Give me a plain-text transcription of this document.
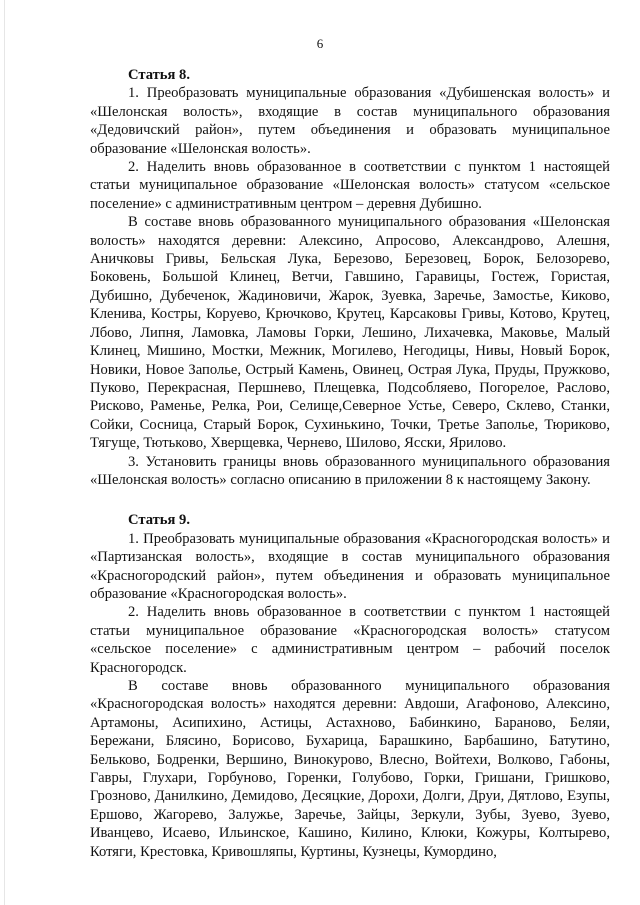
6
Статья 8.

1. Преобразовать муниципальные образования «Дубишенская волость» и «Шелонская волость», входящие в состав муниципального образования «Дедовичский район», путем объединения и образовать муниципальное образование «Шелонская волость».

2. Наделить вновь образованное в соответствии с пунктом 1 настоящей статьи муниципальное образование «Шелонская волость» статусом «сельское поселение» с административным центром – деревня Дубишно.

В составе вновь образованного муниципального образования «Шелонская волость» находятся деревни: Алексино, Апросово, Александрово, Алешня, Аничковы Гривы, Бельская Лука, Березово, Березовец, Борок, Белозорево, Боковень, Большой Клинец, Ветчи, Гавшино, Гаравицы, Гостеж, Гористая, Дубишно, Дубеченок, Жадиновичи, Жарок, Зуевка, Заречье, Замостье, Киково, Кленива, Костры, Коруево, Крючково, Крутец, Карсаковы Гривы, Котово, Крутец, Лбово, Липня, Ламовка, Ламовы Горки, Лешино, Лихачевка, Маковье, Малый Клинец, Мишино, Мостки, Межник, Могилево, Негодицы, Нивы, Новый Борок, Новики, Новое Заполье, Острый Камень, Овинец, Острая Лука, Пруды, Пружково, Пуково, Перекрасная, Першнево, Плещевка, Подсобляево, Погорелое, Раслово, Рисково, Раменье, Релка, Рои, Селище,Северное Устье, Северо, Склево, Станки, Сойки, Сосница, Старый Борок, Сухинькино, Точки, Третье Заполье, Тюриково, Тягуще, Тютьково, Хверщевка, Чернево, Шилово, Ясски, Ярилово.

3. Установить границы вновь образованного муниципального образования «Шелонская волость» согласно описанию в приложении 8 к настоящему Закону.

Статья 9.

1. Преобразовать муниципальные образования «Красногородская волость» и «Партизанская волость», входящие в состав муниципального образования «Красногородский район», путем объединения и образовать муниципальное образование «Красногородская волость».

2. Наделить вновь образованное в соответствии с пунктом 1 настоящей статьи муниципальное образование «Красногородская волость» статусом «сельское поселение» с административным центром – рабочий поселок Красногородск.

В составе вновь образованного муниципального образования «Красногородская волость» находятся деревни: Авдоши, Агафоново, Алексино, Артамоны, Асипихино, Астицы, Астахново, Бабинкино, Бараново, Беляи, Бережани, Блясино, Борисово, Бухарица, Барашкино, Барбашино, Батутино, Бельково, Бодренки, Вершино, Винокурово, Влесно, Войтехи, Волково, Габоны, Гавры, Глухари, Горбуново, Горенки, Голубово, Горки, Гришани, Гришково, Грозново, Данилкино, Демидово, Десяцкие, Дорохи, Долги, Друи, Дятлово, Езупы, Ершово, Жагорево, Залужье, Заречье, Зайцы, Зеркули, Зубы, Зуево, Зуево, Иванцево, Исаево, Ильинское, Кашино, Килино, Клюки, Кожуры, Колтырево, Котяги, Крестовка, Кривошляпы, Куртины, Кузнецы, Кумордино,
